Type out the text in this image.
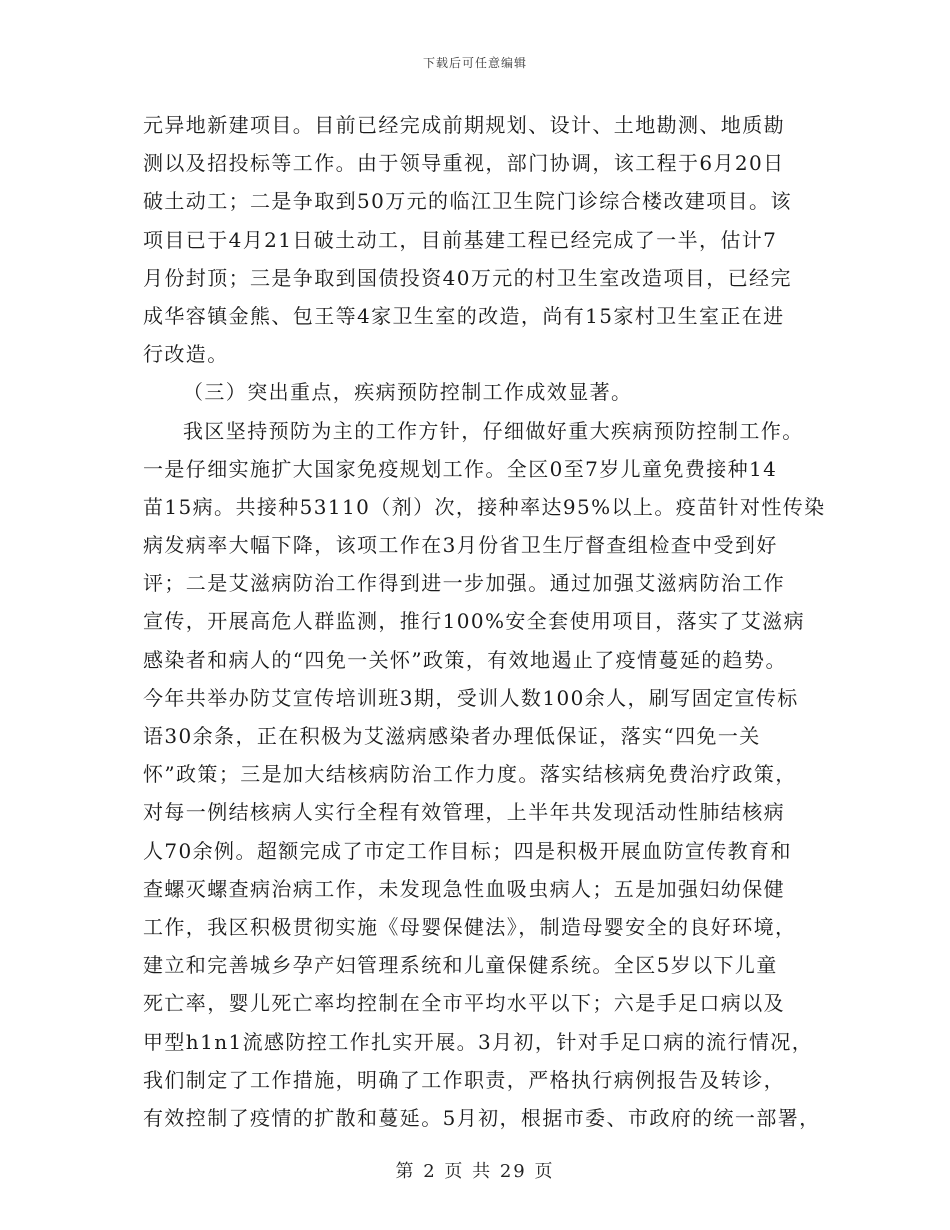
下载后可任意编辑
元异地新建项目。目前已经完成前期规划、设计、土地勘测、地质勘
测以及招投标等工作。由于领导重视，部门协调，该工程于6月20日
破土动工；二是争取到50万元的临江卫生院门诊综合楼改建项目。该
项目已于4月21日破土动工，目前基建工程已经完成了一半，估计7
月份封顶；三是争取到国债投资40万元的村卫生室改造项目，已经完
成华容镇金熊、包王等4家卫生室的改造，尚有15家村卫生室正在进
行改造。
（三）突出重点，疾病预防控制工作成效显著。
我区坚持预防为主的工作方针，仔细做好重大疾病预防控制工作。
一是仔细实施扩大国家免疫规划工作。全区0至7岁儿童免费接种14
苗15病。共接种53110（剂）次，接种率达95%以上。疫苗针对性传染
病发病率大幅下降，该项工作在3月份省卫生厅督查组检查中受到好
评；二是艾滋病防治工作得到进一步加强。通过加强艾滋病防治工作
宣传，开展高危人群监测，推行100%安全套使用项目，落实了艾滋病
感染者和病人的“四免一关怀”政策，有效地遏止了疫情蔓延的趋势。
今年共举办防艾宣传培训班3期，受训人数100余人，刷写固定宣传标
语30余条，正在积极为艾滋病感染者办理低保证，落实“四免一关
怀”政策；三是加大结核病防治工作力度。落实结核病免费治疗政策，
对每一例结核病人实行全程有效管理，上半年共发现活动性肺结核病
人70余例。超额完成了市定工作目标；四是积极开展血防宣传教育和
查螺灭螺查病治病工作，未发现急性血吸虫病人；五是加强妇幼保健
工作，我区积极贯彻实施《母婴保健法》，制造母婴安全的良好环境，
建立和完善城乡孕产妇管理系统和儿童保健系统。全区5岁以下儿童
死亡率，婴儿死亡率均控制在全市平均水平以下；六是手足口病以及
甲型h1n1流感防控工作扎实开展。3月初，针对手足口病的流行情况，
我们制定了工作措施，明确了工作职责，严格执行病例报告及转诊，
有效控制了疫情的扩散和蔓延。5月初，根据市委、市政府的统一部署，
第 2 页 共 29 页
